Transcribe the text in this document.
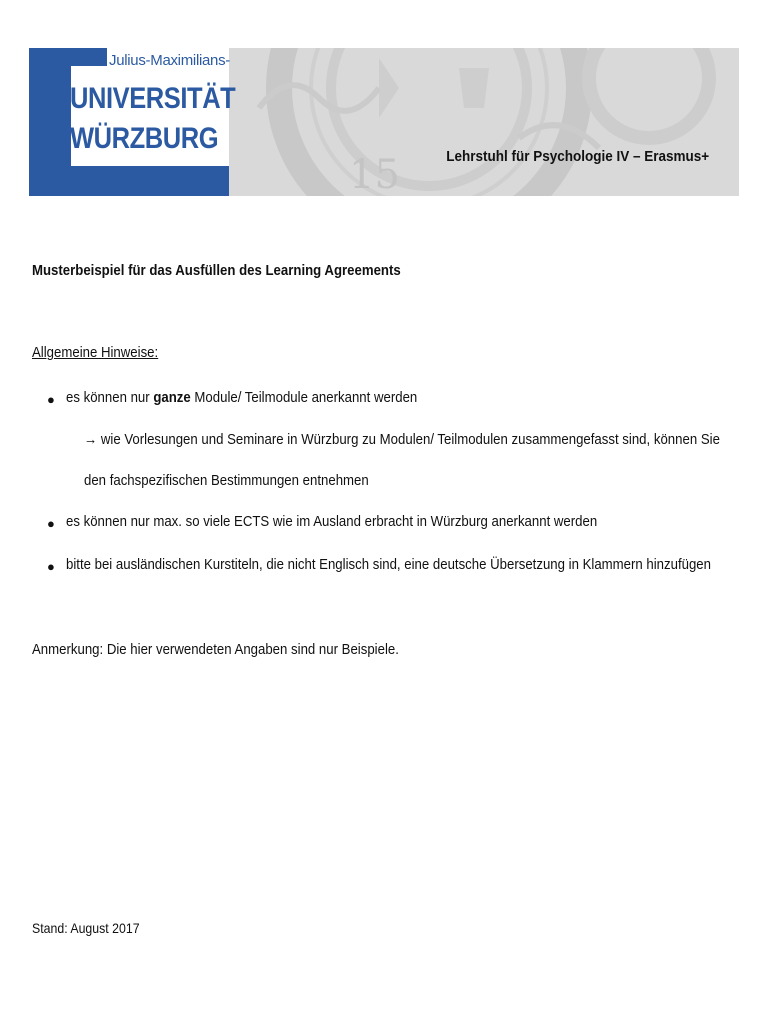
15
Julius-Maximilians-
UNIVERSITÄT
WÜRZBURG
Lehrstuhl für Psychologie IV – Erasmus+
Musterbeispiel für das Ausfüllen des Learning Agreements
Allgemeine Hinweise:
● es können nur ganze Module/ Teilmodule anerkannt werden
→ wie Vorlesungen und Seminare in Würzburg zu Modulen/ Teilmodulen zusammengefasst sind, können Sie
den fachspezifischen Bestimmungen entnehmen
● es können nur max. so viele ECTS wie im Ausland erbracht in Würzburg anerkannt werden
● bitte bei ausländischen Kurstiteln, die nicht Englisch sind, eine deutsche Übersetzung in Klammern hinzufügen
Anmerkung: Die hier verwendeten Angaben sind nur Beispiele.
Stand: August 2017
